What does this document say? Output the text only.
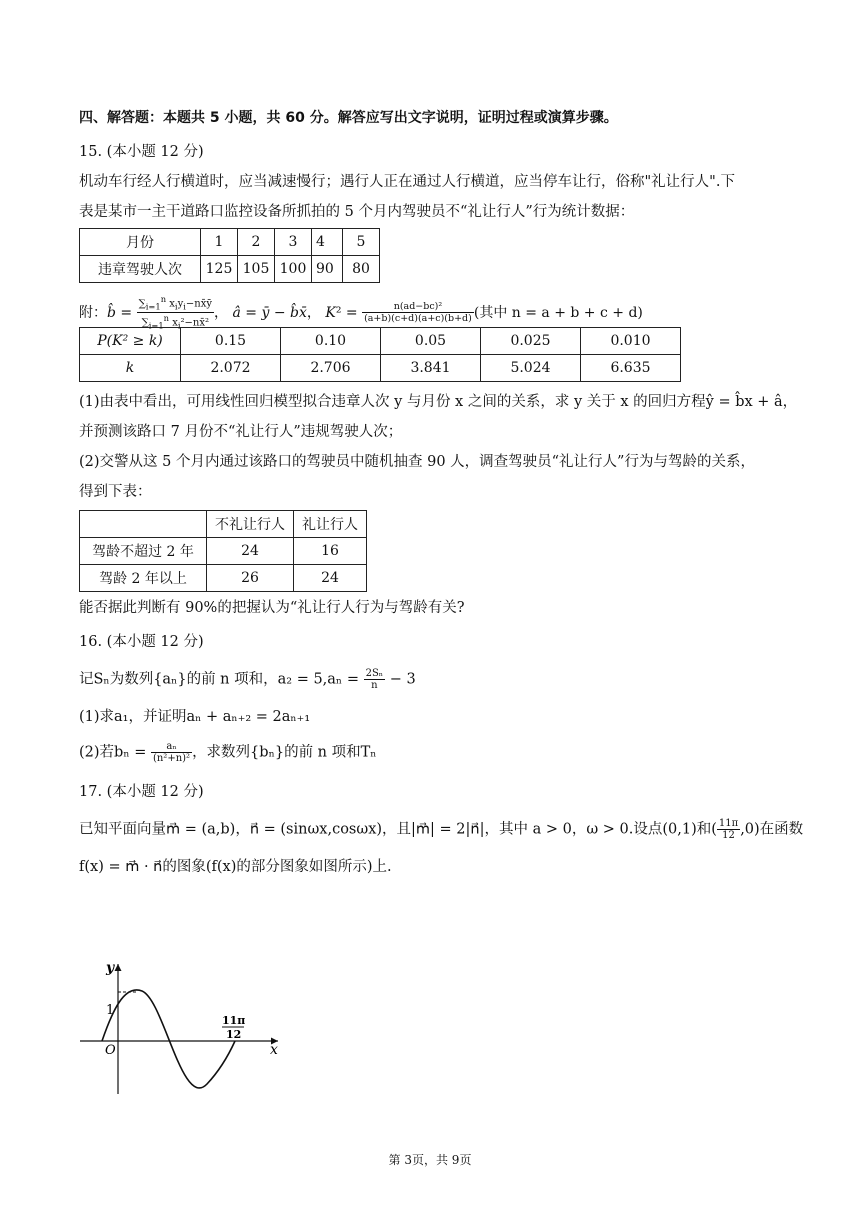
四、解答题：本题共 5 小题，共 60 分。解答应写出文字说明，证明过程或演算步骤。

15. (本小题 12 分)

机动车行经人行横道时，应当减速慢行；遇行人正在通过人行横道，应当停车让行，俗称"礼让行人".下

表是某市一主干道路口监控设备所抓拍的 5 个月内驾驶员不“礼让行人”行为统计数据：

月份	1	2	3	4	5
违章驾驶人次	125	105	100	90	80
附：b̂ = $\frac{\sum_{i=1}^n x_iy_i-nx̄ȳ}{\sum_{i=1}^n x_i^2-nx̄^2}$ ， â = ȳ − b̂x̄， $K^2 = \frac{\text{n(ad−bc)²}}{(a+b)(c+d)(a+c)(b+d)}$ (其中 n = a + b + c + d)
P(K² ≥ k)	0.15	0.10	0.05	0.025	0.010
k	2.072	2.706	3.841	5.024	6.635

(1)由表中看出，可用线性回归模型拟合违章人次 y 与月份 x 之间的关系，求 y 关于 x 的回归方程ŷ = b̂x + â，

并预测该路口 7 月份不“礼让行人”违规驾驶人次；

(2)交警从这 5 个月内通过该路口的驾驶员中随机抽查 90 人，调查驾驶员“礼让行人”行为与驾龄的关系，

得到下表：

	不礼让行人	礼让行人
驾龄不超过 2 年	24	16
驾龄 2 年以上	26	24

能否据此判断有 90%的把握认为“礼让行人行为与驾龄有关?

16. (本小题 12 分)

记Sₙ为数列{aₙ}的前 n 项和，$a_2 = 5,a_n = \frac{\text{2Sₙ}}{n} - 3$

(1)求a₁，并证明aₙ + aₙ₊₂ = 2aₙ₊₁

(2)若$b_n = \frac{\text{aₙ}}{\text{(n²+n)²}}$ ，求数列{bₙ}的前 n 项和Tₙ

17. (本小题 12 分)

已知平面向量m⃗ = (a,b)，n⃗ = (sinωx,cosωx)，且|m⃗| = 2|n⃗|，其中 a > 0，ω > 0.设点(0,1)和( $\frac{11\pi}{12} ,0$)在函数

f(x) = m⃗ · n⃗的图象(f(x)的部分图象如图所示)上.

y
x
O
1
11π
12
第 3页，共 9页
